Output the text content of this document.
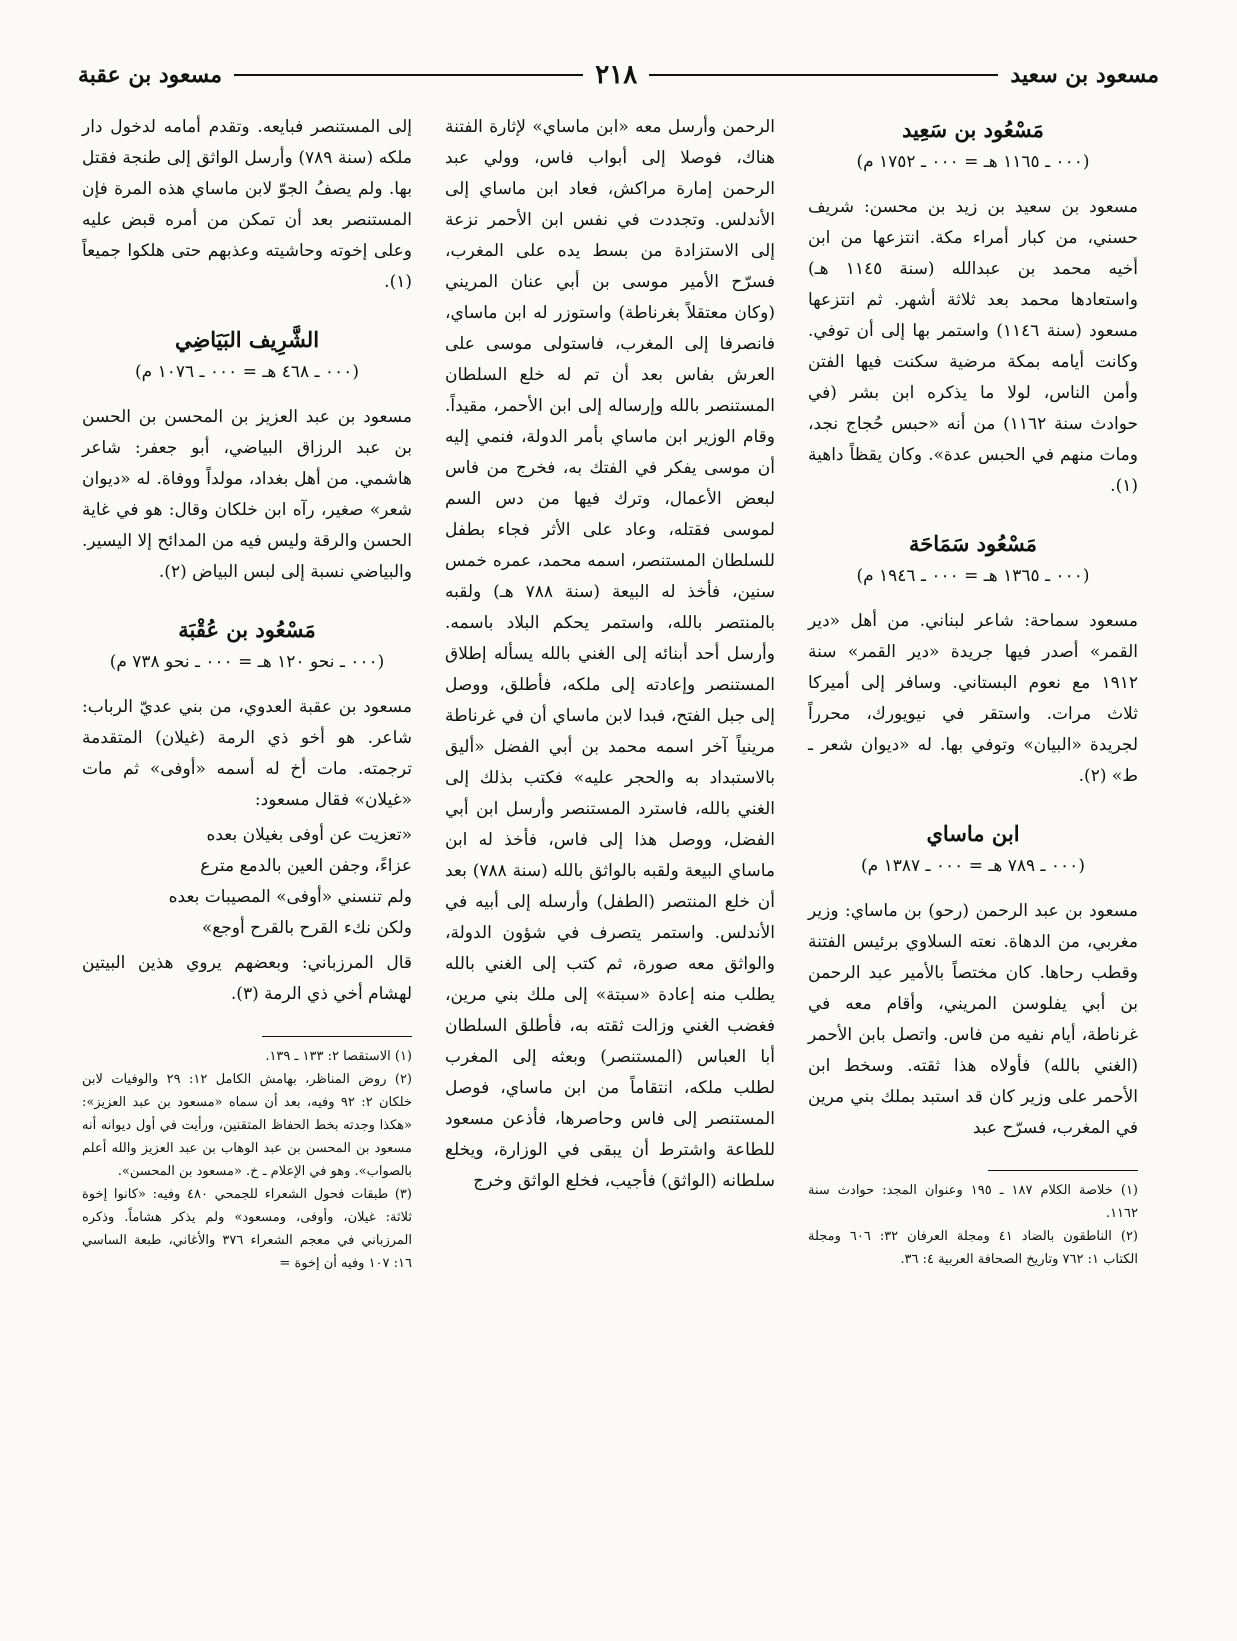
مسعود بن سعيد
٢١٨
مسعود بن عقبة
مَسْعُود بن سَعِيد
(٠٠٠ ـ ١١٦٥ هـ = ٠٠٠ ـ ١٧٥٢ م)
مسعود بن سعيد بن زيد بن محسن: شريف حسني، من كبار أمراء مكة. انتزعها من ابن أخيه محمد بن عبدالله (سنة ١١٤٥ هـ) واستعادها محمد بعد ثلاثة أشهر. ثم انتزعها مسعود (سنة ١١٤٦) واستمر بها إلى أن توفي. وكانت أيامه بمكة مرضية سكنت فيها الفتن وأمن الناس، لولا ما يذكره ابن بشر (في حوادث سنة ١١٦٢) من أنه «حبس حُجاج نجد، ومات منهم في الحبس عدة». وكان يقظاً داهية (١).
مَسْعُود سَمَاحَة
(٠٠٠ ـ ١٣٦٥ هـ = ٠٠٠ ـ ١٩٤٦ م)
مسعود سماحة: شاعر لبناني. من أهل «دير القمر» أصدر فيها جريدة «دير القمر» سنة ١٩١٢ مع نعوم البستاني. وسافر إلى أميركا ثلاث مرات. واستقر في نيويورك، محرراً لجريدة «البيان» وتوفي بها. له «ديوان شعر ـ ط» (٢).
ابن ماساي
(٠٠٠ ـ ٧٨٩ هـ = ٠٠٠ ـ ١٣٨٧ م)
مسعود بن عبد الرحمن (رحو) بن ماساي: وزير مغربي، من الدهاة. نعته السلاوي برئيس الفتنة وقطب رحاها. كان مختصاً بالأمير عبد الرحمن بن أبي يفلوسن المريني، وأقام معه في غرناطة، أيام نفيه من فاس. واتصل بابن الأحمر (الغني بالله) فأولاه هذا ثقته. وسخط ابن الأحمر على وزير كان قد استبد بملك بني مرين في المغرب، فسرّح عبد
(١) خلاصة الكلام ١٨٧ ـ ١٩٥ وعنوان المجد: حوادث سنة ١١٦٢.
(٢) الناطقون بالضاد ٤١ ومجلة العرفان ٣٢: ٦٠٦ ومجلة الكتاب ١: ٧٦٢ وتاريخ الصحافة العربية ٤: ٣٦.
الرحمن وأرسل معه «ابن ماساي» لإثارة الفتنة هناك، فوصلا إلى أبواب فاس، وولي عبد الرحمن إمارة مراكش، فعاد ابن ماساي إلى الأندلس. وتجددت في نفس ابن الأحمر نزعة إلى الاستزادة من بسط يده على المغرب، فسرّح الأمير موسى بن أبي عنان المريني (وكان معتقلاً بغرناطة) واستوزر له ابن ماساي، فانصرفا إلى المغرب، فاستولى موسى على العرش بفاس بعد أن تم له خلع السلطان المستنصر بالله وإرساله إلى ابن الأحمر، مقيداً. وقام الوزير ابن ماساي بأمر الدولة، فنمي إليه أن موسى يفكر في الفتك به، فخرج من فاس لبعض الأعمال، وترك فيها من دس السم لموسى فقتله، وعاد على الأثر فجاء بطفل للسلطان المستنصر، اسمه محمد، عمره خمس سنين، فأخذ له البيعة (سنة ٧٨٨ هـ) ولقبه بالمنتصر بالله، واستمر يحكم البلاد باسمه. وأرسل أحد أبنائه إلى الغني بالله يسأله إطلاق المستنصر وإعادته إلى ملكه، فأطلق، ووصل إلى جبل الفتح، فبدا لابن ماساي أن في غرناطة مرينياً آخر اسمه محمد بن أبي الفضل «أليق بالاستبداد به والحجر عليه» فكتب بذلك إلى الغني بالله، فاسترد المستنصر وأرسل ابن أبي الفضل، ووصل هذا إلى فاس، فأخذ له ابن ماساي البيعة ولقبه بالواثق بالله (سنة ٧٨٨) بعد أن خلع المنتصر (الطفل) وأرسله إلى أبيه في الأندلس. واستمر يتصرف في شؤون الدولة، والواثق معه صورة، ثم كتب إلى الغني بالله يطلب منه إعادة «سبتة» إلى ملك بني مرين، فغضب الغني وزالت ثقته به، فأطلق السلطان أبا العباس (المستنصر) وبعثه إلى المغرب لطلب ملكه، انتقاماً من ابن ماساي، فوصل المستنصر إلى فاس وحاصرها، فأذعن مسعود للطاعة واشترط أن يبقى في الوزارة، ويخلع سلطانه (الواثق) فأجيب، فخلع الواثق وخرج
إلى المستنصر فبايعه. وتقدم أمامه لدخول دار ملكه (سنة ٧٨٩) وأرسل الواثق إلى طنجة فقتل بها. ولم يصفُ الجوّ لابن ماساي هذه المرة فإن المستنصر بعد أن تمكن من أمره قبض عليه وعلى إخوته وحاشيته وعذبهم حتى هلكوا جميعاً (١).
الشَّرِيف البَيَاضِي
(٠٠٠ ـ ٤٦٨ هـ = ٠٠٠ ـ ١٠٧٦ م)
مسعود بن عبد العزيز بن المحسن بن الحسن بن عبد الرزاق البياضي، أبو جعفر: شاعر هاشمي. من أهل بغداد، مولداً ووفاة. له «ديوان شعر» صغير، رآه ابن خلكان وقال: هو في غاية الحسن والرقة وليس فيه من المدائح إلا اليسير. والبياضي نسبة إلى لبس البياض (٢).
مَسْعُود بن عُقْبَة
(٠٠٠ ـ نحو ١٢٠ هـ = ٠٠٠ ـ نحو ٧٣٨ م)
مسعود بن عقبة العدوي، من بني عديّ الرباب: شاعر. هو أخو ذي الرمة (غيلان) المتقدمة ترجمته. مات أخ له أسمه «أوفى» ثم مات «غيلان» فقال مسعود:
«تعزيت عن أوفى بغيلان بعده
عزاءً، وجفن العين بالدمع مترع
ولم تنسني «أوفى» المصيبات بعده
ولكن نكء القرح بالقرح أوجع»
قال المرزباني: وبعضهم يروي هذين البيتين لهشام أخي ذي الرمة (٣).
(١) الاستقصا ٢: ١٣٣ ـ ١٣٩.
(٢) روض المناظر، بهامش الكامل ١٢: ٢٩ والوفيات لابن خلكان ٢: ٩٢ وفيه، بعد أن سماه «مسعود بن عبد العزيز»: «هكذا وجدته بخط الحفاظ المتقنين، ورأيت في أول ديوانه أنه مسعود بن المحسن بن عبد الوهاب بن عبد العزيز والله أعلم بالصواب». وهو في الإعلام ـ خ. «مسعود بن المحسن».
(٣) طبقات فحول الشعراء للجمحي ٤٨٠ وفيه: «كانوا إخوة ثلاثة: غيلان، وأوفى، ومسعود» ولم يذكر هشاماً. وذكره المرزباني في معجم الشعراء ٣٧٦ والأغاني، طبعة الساسي ١٦: ١٠٧ وفيه أن إخوة =
